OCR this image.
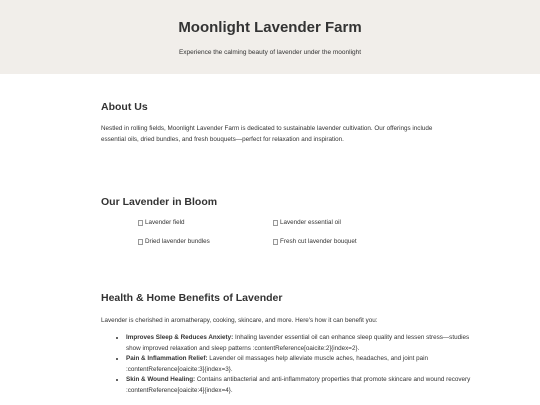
Moonlight Lavender Farm

Experience the calming beauty of lavender under the moonlight

About Us

Nestled in rolling fields, Moonlight Lavender Farm is dedicated to sustainable lavender cultivation. Our offerings include essential oils, dried bundles, and fresh bouquets—perfect for relaxation and inspiration.

Our Lavender in Bloom
Lavender field	Lavender essential oil
Dried lavender bundles	Fresh cut lavender bouquet
Health & Home Benefits of Lavender

Lavender is cherished in aromatherapy, cooking, skincare, and more. Here's how it can benefit you:

• Improves Sleep & Reduces Anxiety: Inhaling lavender essential oil can enhance sleep quality and lessen stress—studies show improved relaxation and sleep patterns :contentReference[oaicite:2]{index=2}.
• Pain & Inflammation Relief: Lavender oil massages help alleviate muscle aches, headaches, and joint pain :contentReference[oaicite:3]{index=3}.
• Skin & Wound Healing: Contains antibacterial and anti-inflammatory properties that promote skincare and wound recovery :contentReference[oaicite:4]{index=4}.
